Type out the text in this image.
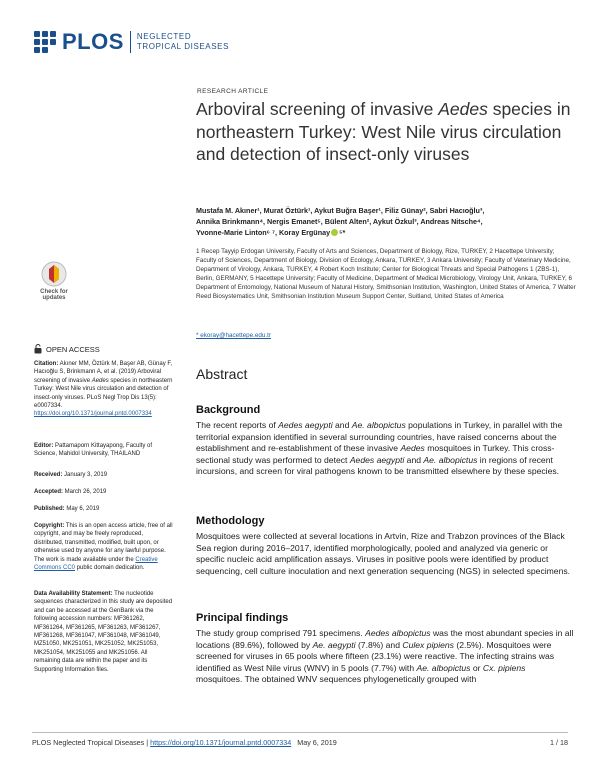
PLOS NEGLECTED
TROPICAL DISEASES
RESEARCH ARTICLE
Arboviral screening of invasive Aedes species in northeastern Turkey: West Nile virus circulation and detection of insect-only viruses
Mustafa M. Akıner¹, Murat Öztürk¹, Aykut Buğra Başer¹, Filiz Günay², Sabri Hacıoğlu³,
Annika Brinkmann⁴, Nergis Emanet⁵, Bülent Alten², Aykut Özkul³, Andreas Nitsche⁴,
Yvonne-Marie Linton⁶ ⁷, Koray Ergünay ⁵*
1 Recep Tayyip Erdogan University, Faculty of Arts and Sciences, Department of Biology, Rize, TURKEY, 2 Hacettepe University; Faculty of Sciences, Department of Biology, Division of Ecology, Ankara, TURKEY, 3 Ankara University; Faculty of Veterinary Medicine, Department of Virology, Ankara, TURKEY, 4 Robert Koch Institute; Center for Biological Threats and Special Pathogens 1 (ZBS-1), Berlin, GERMANY, 5 Hacettepe University; Faculty of Medicine, Department of Medical Microbiology, Virology Unit, Ankara, TURKEY, 6 Department of Entomology, National Museum of Natural History, Smithsonian Institution, Washington, United States of America, 7 Walter Reed Biosystematics Unit, Smithsonian Institution Museum Support Center, Suitland, United States of America
* ekoray@hacettepe.edu.tr
Check for
updates
OPEN ACCESS
Citation: Akıner MM, Öztürk M, Başer AB, Günay F, Hacıoğlu S, Brinkmann A, et al. (2019) Arboviral screening of invasive Aedes species in northeastern Turkey: West Nile virus circulation and detection of insect-only viruses. PLoS Negl Trop Dis 13(5): e0007334. https://doi.org/10.1371/journal.pntd.0007334
Editor: Pattamaporn Kittayapong, Faculty of Science, Mahidol University, THAILAND
Received: January 3, 2019
Accepted: March 26, 2019
Published: May 6, 2019
Copyright: This is an open access article, free of all copyright, and may be freely reproduced, distributed, transmitted, modified, built upon, or otherwise used by anyone for any lawful purpose. The work is made available under the Creative Commons CC0 public domain dedication.
Data Availability Statement: The nucleotide sequences characterized in this study are deposited and can be accessed at the GenBank via the following accession numbers: MF361262, MF361264, MF361265, MF361263, MF361267, MF361268, MF361047, MF361048, MF361049, MZ51050, MK251051, MK251052, MK251053, MK251054, MK251055 and MK251056. All remaining data are within the paper and its Supporting Information files.
Abstract
Background
The recent reports of Aedes aegypti and Ae. albopictus populations in Turkey, in parallel with the territorial expansion identified in several surrounding countries, have raised concerns about the establishment and re-establishment of these invasive Aedes mosquitoes in Turkey. This cross-sectional study was performed to detect Aedes aegypti and Ae. albopictus in regions of recent incursions, and screen for viral pathogens known to be transmitted elsewhere by these species.
Methodology
Mosquitoes were collected at several locations in Artvin, Rize and Trabzon provinces of the Black Sea region during 2016–2017, identified morphologically, pooled and analyzed via generic or specific nucleic acid amplification assays. Viruses in positive pools were identified by product sequencing, cell culture inoculation and next generation sequencing (NGS) in selected specimens.
Principal findings
The study group comprised 791 specimens. Aedes albopictus was the most abundant species in all locations (89.6%), followed by Ae. aegypti (7.8%) and Culex pipiens (2.5%). Mosquitoes were screened for viruses in 65 pools where fifteen (23.1%) were reactive. The infecting strains was identified as West Nile virus (WNV) in 5 pools (7.7%) with Ae. albopictus or Cx. pipiens mosquitoes. The obtained WNV sequences phylogenetically grouped with
PLOS Neglected Tropical Diseases | https://doi.org/10.1371/journal.pntd.0007334 May 6, 2019	1 / 18
